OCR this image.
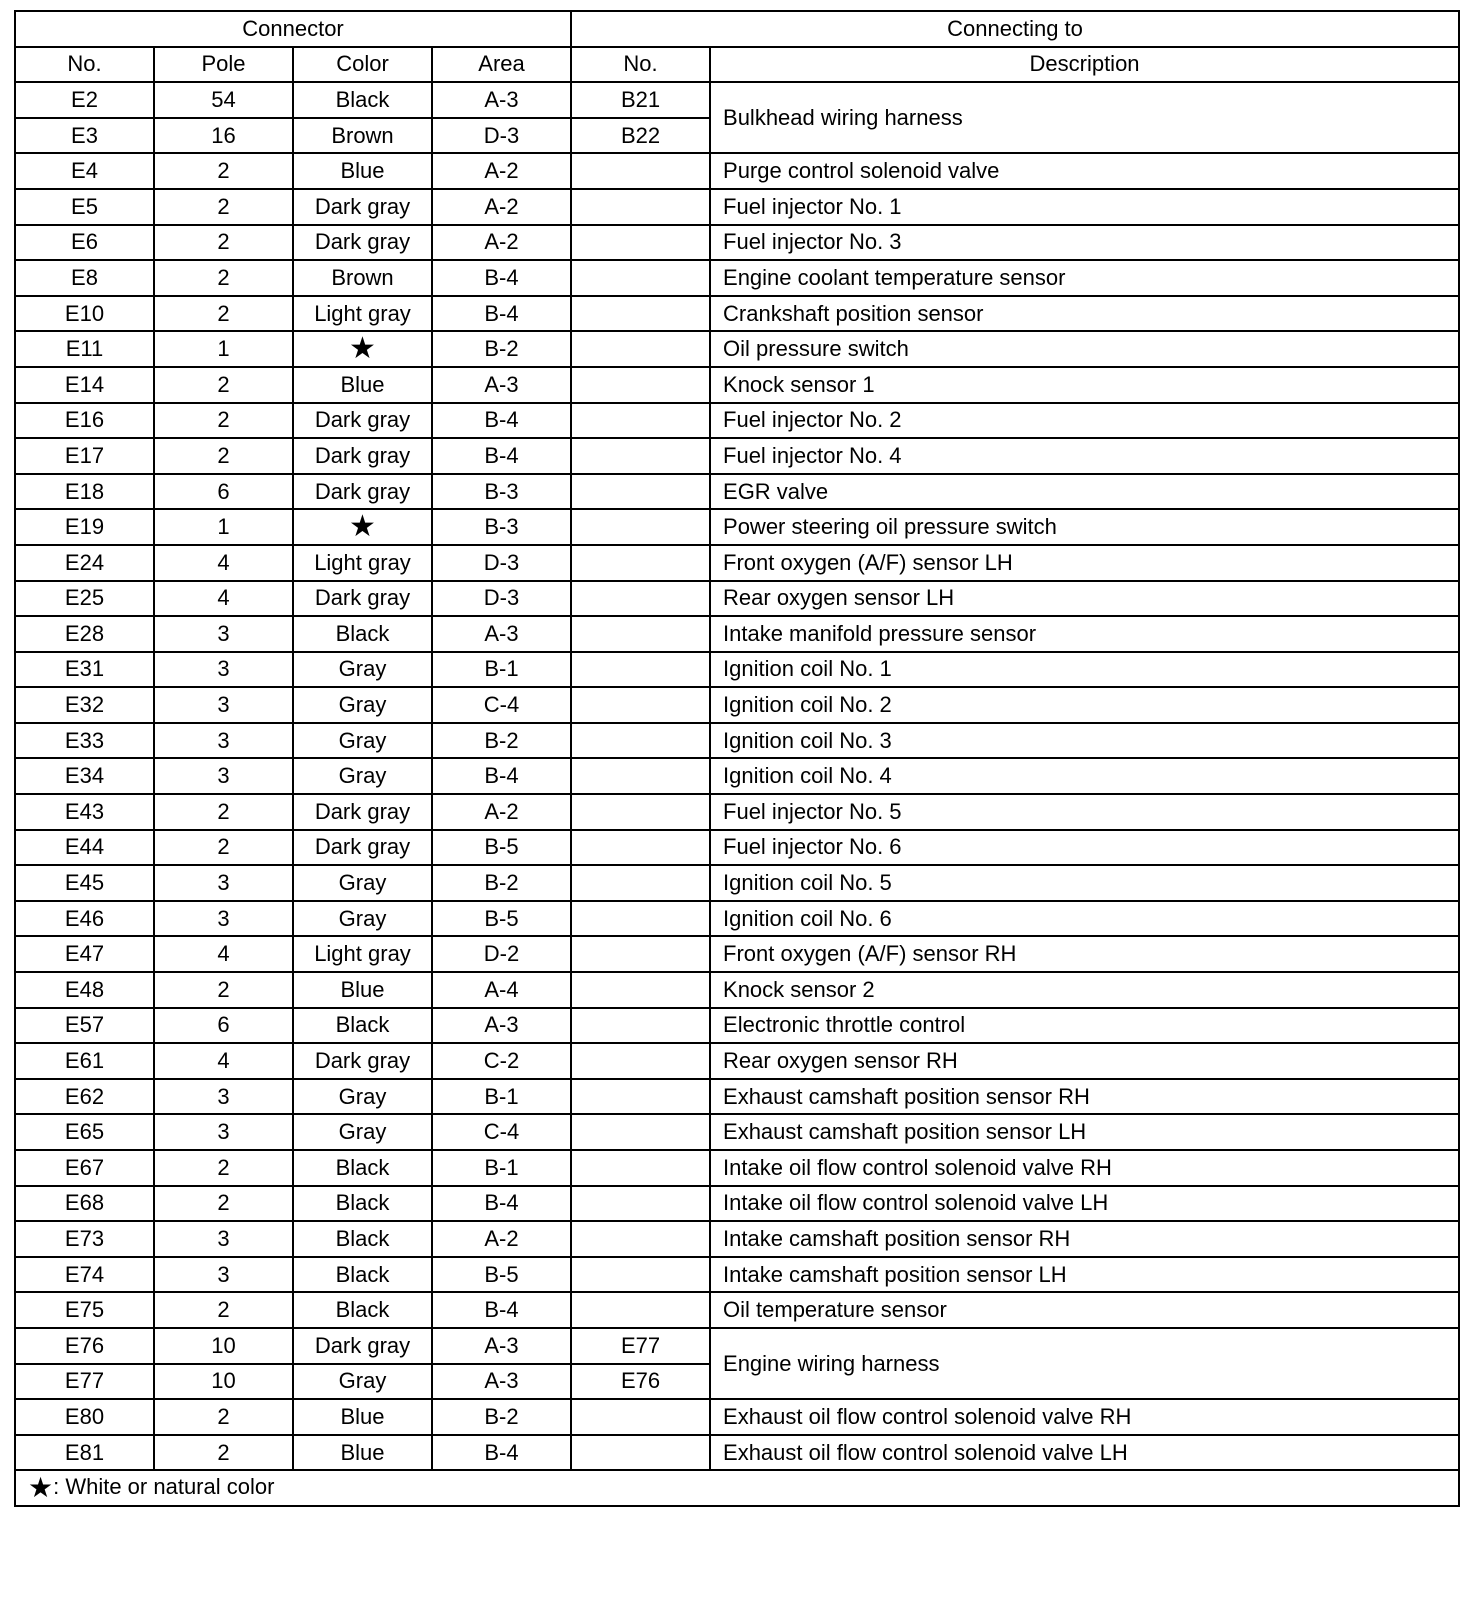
Connector				Connecting to	
No.	Pole	Color	Area	No.	Description
E2	54	Black	A-3	B21	Bulkhead wiring harness
E3	16	Brown	D-3	B22	
E4	2	Blue	A-2		Purge control solenoid valve
E5	2	Dark gray	A-2		Fuel injector No. 1
E6	2	Dark gray	A-2		Fuel injector No. 3
E8	2	Brown	B-4		Engine coolant temperature sensor
E10	2	Light gray	B-4		Crankshaft position sensor
E11	1	★	B-2		Oil pressure switch
E14	2	Blue	A-3		Knock sensor 1
E16	2	Dark gray	B-4		Fuel injector No. 2
E17	2	Dark gray	B-4		Fuel injector No. 4
E18	6	Dark gray	B-3		EGR valve
E19	1	★	B-3		Power steering oil pressure switch
E24	4	Light gray	D-3		Front oxygen (A/F) sensor LH
E25	4	Dark gray	D-3		Rear oxygen sensor LH
E28	3	Black	A-3		Intake manifold pressure sensor
E31	3	Gray	B-1		Ignition coil No. 1
E32	3	Gray	C-4		Ignition coil No. 2
E33	3	Gray	B-2		Ignition coil No. 3
E34	3	Gray	B-4		Ignition coil No. 4
E43	2	Dark gray	A-2		Fuel injector No. 5
E44	2	Dark gray	B-5		Fuel injector No. 6
E45	3	Gray	B-2		Ignition coil No. 5
E46	3	Gray	B-5		Ignition coil No. 6
E47	4	Light gray	D-2		Front oxygen (A/F) sensor RH
E48	2	Blue	A-4		Knock sensor 2
E57	6	Black	A-3		Electronic throttle control
E61	4	Dark gray	C-2		Rear oxygen sensor RH
E62	3	Gray	B-1		Exhaust camshaft position sensor RH
E65	3	Gray	C-4		Exhaust camshaft position sensor LH
E67	2	Black	B-1		Intake oil flow control solenoid valve RH
E68	2	Black	B-4		Intake oil flow control solenoid valve LH
E73	3	Black	A-2		Intake camshaft position sensor RH
E74	3	Black	B-5		Intake camshaft position sensor LH
E75	2	Black	B-4		Oil temperature sensor
E76	10	Dark gray	A-3	E77	Engine wiring harness
E77	10	Gray	A-3	E76	
E80	2	Blue	B-2		Exhaust oil flow control solenoid valve RH
E81	2	Blue	B-4		Exhaust oil flow control solenoid valve LH
★: White or natural color					
